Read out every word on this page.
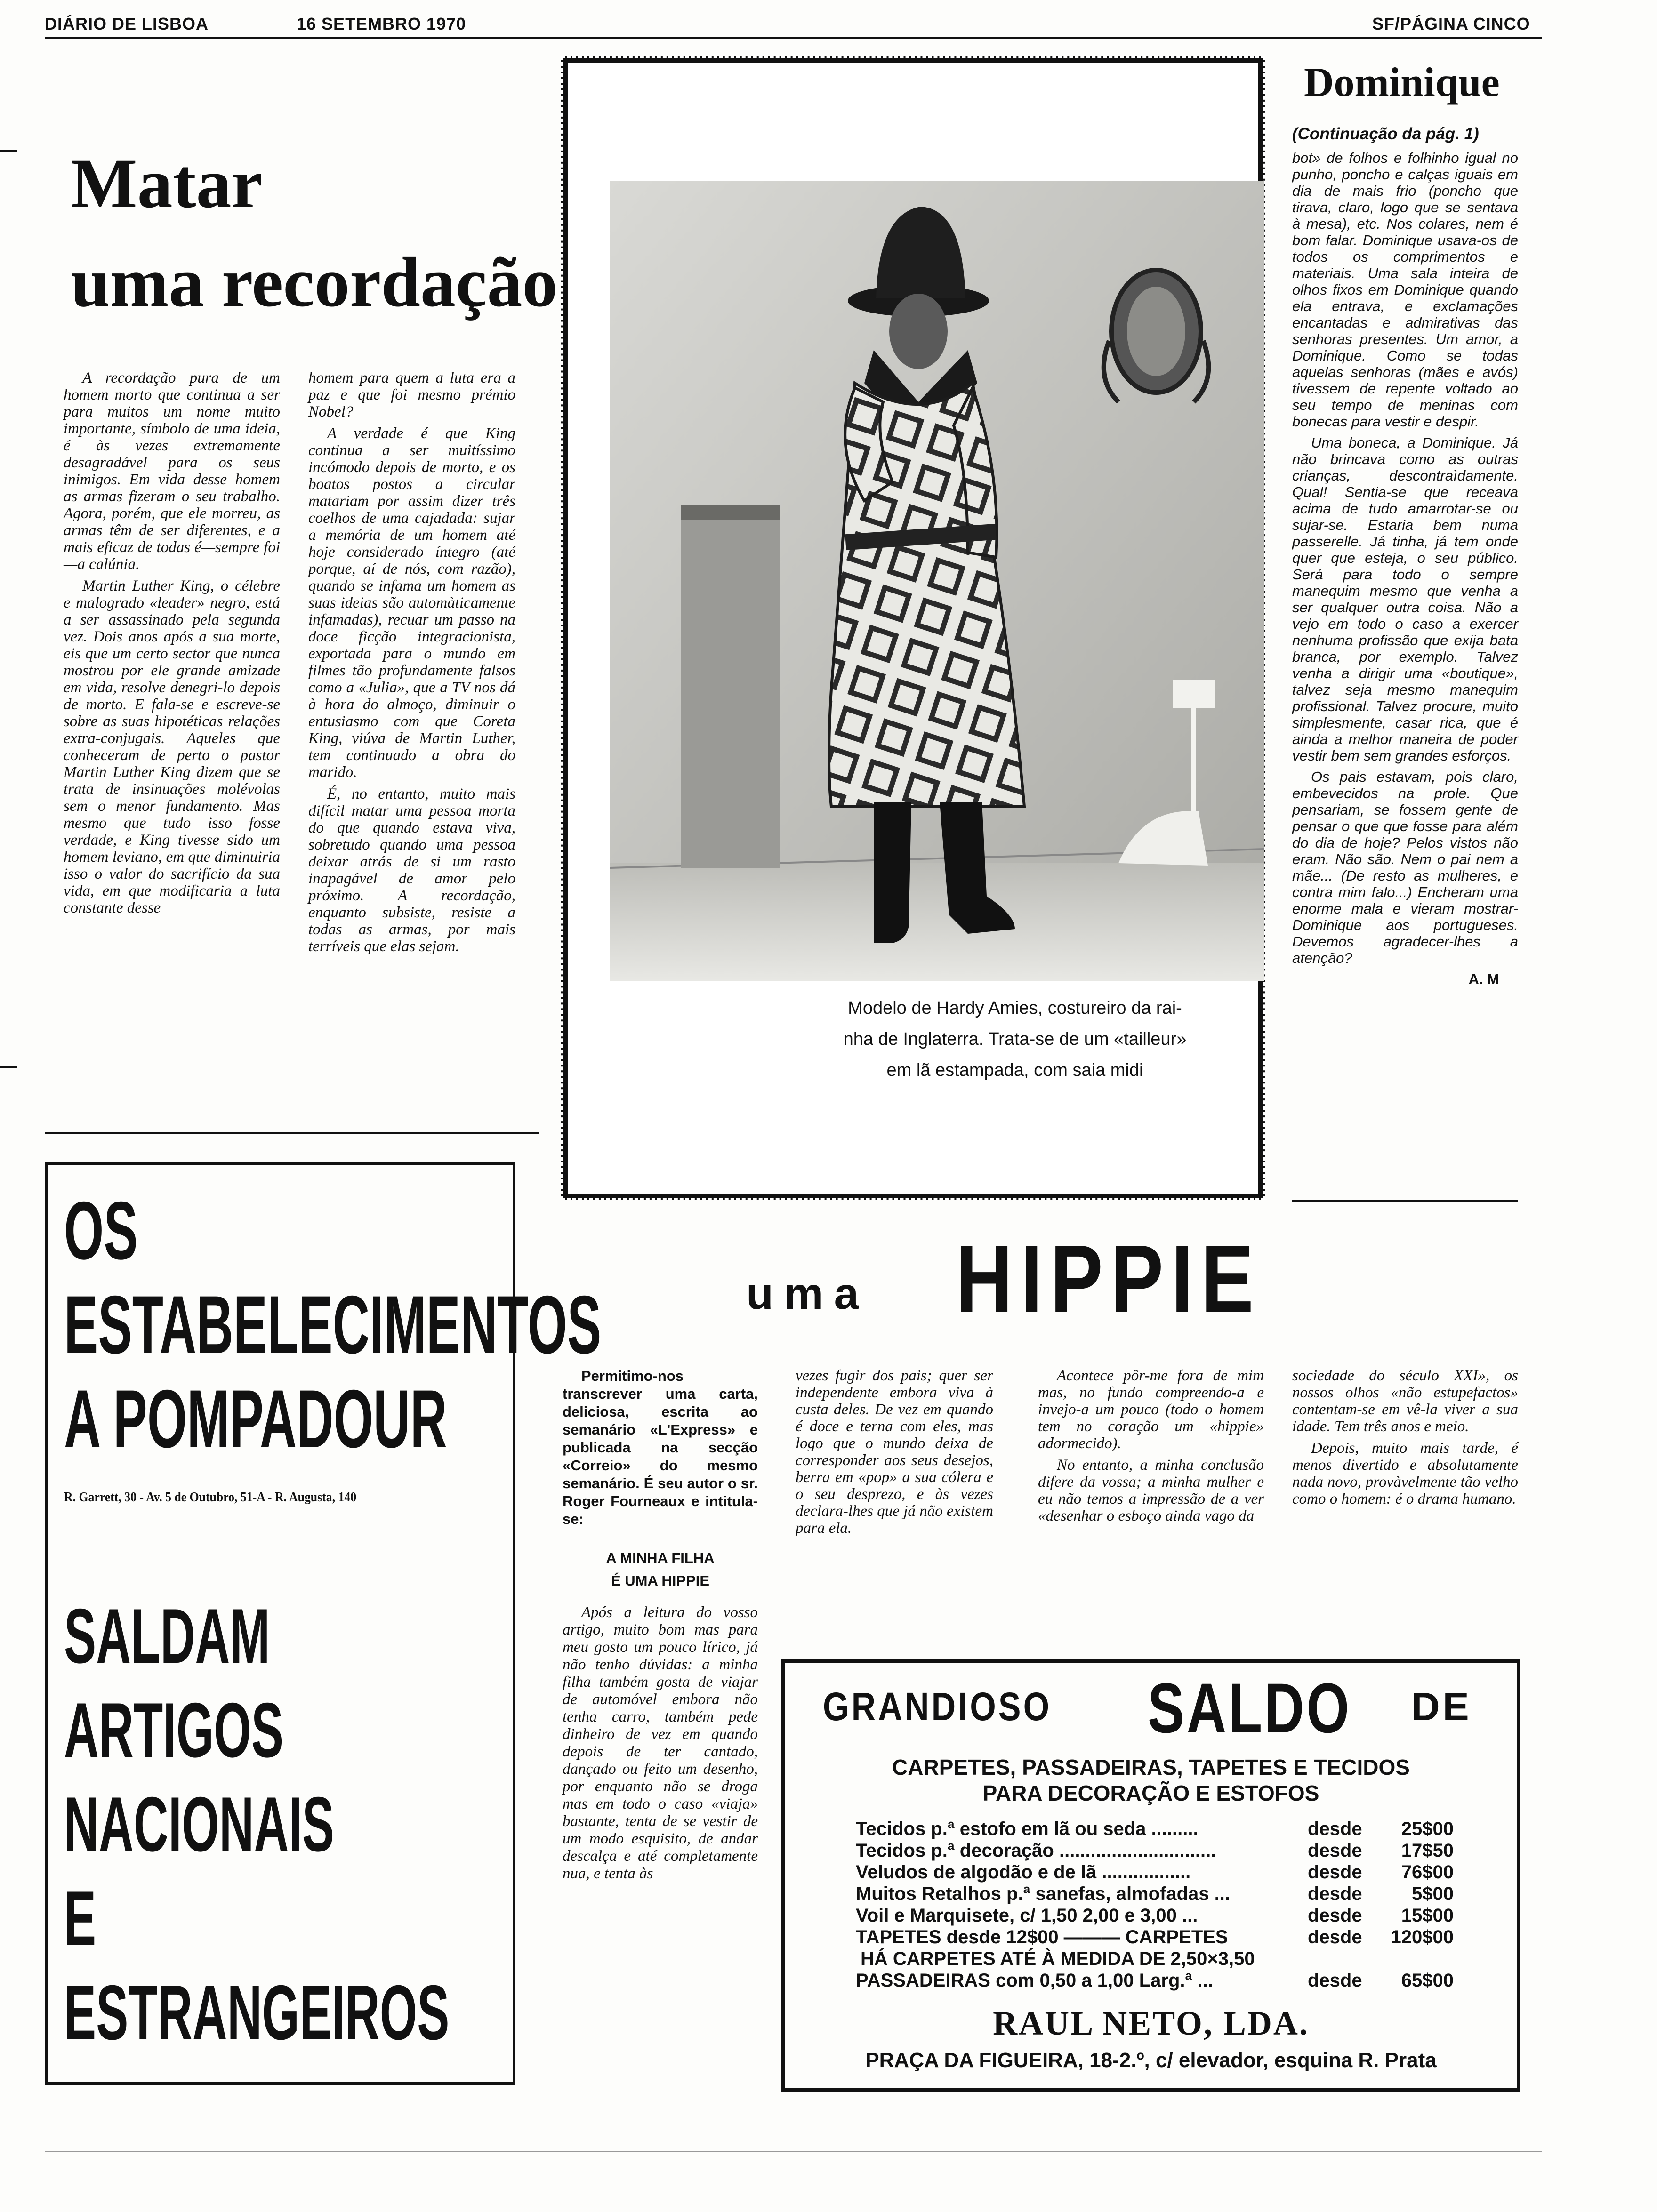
DIÁRIO DE LISBOA	16 SETEMBRO 1970	SF/PÁGINA CINCO
Matar
uma recordação

A recordação pura de um homem morto que continua a ser para muitos um nome muito importante, símbolo de uma ideia, é às vezes extremamente desagradável para os seus inimigos. Em vida desse homem as armas fizeram o seu trabalho. Agora, porém, que ele morreu, as armas têm de ser diferentes, e a mais eficaz de todas é—sempre foi—a calúnia.

Martin Luther King, o célebre e malogrado «leader» negro, está a ser assassinado pela segunda vez. Dois anos após a sua morte, eis que um certo sector que nunca mostrou por ele grande amizade em vida, resolve denegri-lo depois de morto. E fala-se e escreve-se sobre as suas hipotéticas relações extra-conjugais. Aqueles que conheceram de perto o pastor Martin Luther King dizem que se trata de insinuações molévolas sem o menor fundamento. Mas mesmo que tudo isso fosse verdade, e King tivesse sido um homem leviano, em que diminuiria isso o valor do sacrifício da sua vida, em que modificaria a luta constante desse

homem para quem a luta era a paz e que foi mesmo prémio Nobel?

A verdade é que King continua a ser muitíssimo incómodo depois de morto, e os boatos postos a circular matariam por assim dizer três coelhos de uma cajadada: sujar a memória de um homem até hoje considerado íntegro (até porque, aí de nós, com razão), quando se infama um homem as suas ideias são automàticamente infamadas), recuar um passo na doce ficção integracionista, exportada para o mundo em filmes tão profundamente falsos como a «Julia», que a TV nos dá à hora do almoço, diminuir o entusiasmo com que Coreta King, viúva de Martin Luther, tem continuado a obra do marido.

É, no entanto, muito mais difícil matar uma pessoa morta do que quando estava viva, sobretudo quando uma pessoa deixar atrás de si um rasto inapagável de amor pelo próximo. A recordação, enquanto subsiste, resiste a todas as armas, por mais terríveis que elas sejam.

Modelo de Hardy Amies, costureiro da rai-
nha de Inglaterra. Trata-se de um «tailleur»
em lã estampada, com saia midi
Dominique
(Continuação da pág. 1)

bot» de folhos e folhinho igual no punho, poncho e calças iguais em dia de mais frio (poncho que tirava, claro, logo que se sentava à mesa), etc. Nos colares, nem é bom falar. Dominique usava-os de todos os comprimentos e materiais. Uma sala inteira de olhos fixos em Dominique quando ela entrava, e exclamações encantadas e admirativas das senhoras presentes. Um amor, a Dominique. Como se todas aquelas senhoras (mães e avós) tivessem de repente voltado ao seu tempo de meninas com bonecas para vestir e despir.

Uma boneca, a Dominique. Já não brincava como as outras crianças, descontraìdamente. Qual! Sentia-se que receava acima de tudo amarrotar-se ou sujar-se. Estaria bem numa passerelle. Já tinha, já tem onde quer que esteja, o seu público. Será para todo o sempre manequim mesmo que venha a ser qualquer outra coisa. Não a vejo em todo o caso a exercer nenhuma profissão que exija bata branca, por exemplo. Talvez venha a dirigir uma «boutique», talvez seja mesmo manequim profissional. Talvez procure, muito simplesmente, casar rica, que é ainda a melhor maneira de poder vestir bem sem grandes esforços.

Os pais estavam, pois claro, embevecidos na prole. Que pensariam, se fossem gente de pensar o que que fosse para além do dia de hoje? Pelos vistos não eram. Não são. Nem o pai nem a mãe... (De resto as mulheres, e contra mim falo...) Encheram uma enorme mala e vieram mostrar-Dominique aos portugueses. Devemos agradecer-lhes a atenção?

A. M
OS
ESTABELECIMENTOS
A POMPADOUR
R. Garrett, 30 - Av. 5 de Outubro, 51-A - R. Augusta, 140
SALDAM
ARTIGOS
NACIONAIS
E
ESTRANGEIROS
uma HIPPIE

Permitimo-nos transcrever uma carta, deliciosa, escrita ao semanário «L'Express» e publicada na secção «Correio» do mesmo semanário. É seu autor o sr. Roger Fourneaux e intitula-se:

A MINHA FILHA
É UMA HIPPIE

Após a leitura do vosso artigo, muito bom mas para meu gosto um pouco lírico, já não tenho dúvidas: a minha filha também gosta de viajar de automóvel embora não tenha carro, também pede dinheiro de vez em quando depois de ter cantado, dançado ou feito um desenho, por enquanto não se droga mas em todo o caso «viaja» bastante, tenta de se vestir de um modo esquisito, de andar descalça e até completamente nua, e tenta às

vezes fugir dos pais; quer ser independente embora viva à custa deles. De vez em quando é doce e terna com eles, mas logo que o mundo deixa de corresponder aos seus desejos, berra em «pop» a sua cólera e o seu desprezo, e às vezes declara-lhes que já não existem para ela.

Acontece pôr-me fora de mim mas, no fundo compreendo-a e invejo-a um pouco (todo o homem tem no coração um «hippie» adormecido).

No entanto, a minha conclusão difere da vossa; a minha mulher e eu não temos a impressão de a ver «desenhar o esboço ainda vago da

sociedade do século XXI», os nossos olhos «não estupefactos» contentam-se em vê-la viver a sua idade. Tem três anos e meio.

Depois, muito mais tarde, é menos divertido e absolutamente nada novo, provàvelmente tão velho como o homem: é o drama humano.

GRANDIOSO SALDO DE
CARPETES, PASSADEIRAS, TAPETES E TECIDOS
PARA DECORAÇÃO E ESTOFOS
Tecidos p.ª estofo em lã ou seda .........	desde	25$00
Tecidos p.ª decoração ..............................	desde	17$50
Veludos de algodão e de lã .................	desde	76$00
Muitos Retalhos p.ª sanefas, almofadas ...	desde	5$00
Voil e Marquisete, c/ 1,50 2,00 e 3,00 ...	desde	15$00
TAPETES desde 12$00 ——— CARPETES	desde	120$00
HÁ CARPETES ATÉ À MEDIDA DE 2,50×3,50
PASSADEIRAS com 0,50 a 1,00 Larg.ª ...	desde	65$00
RAUL NETO, LDA.
PRAÇA DA FIGUEIRA, 18-2.º, c/ elevador, esquina R. Prata
